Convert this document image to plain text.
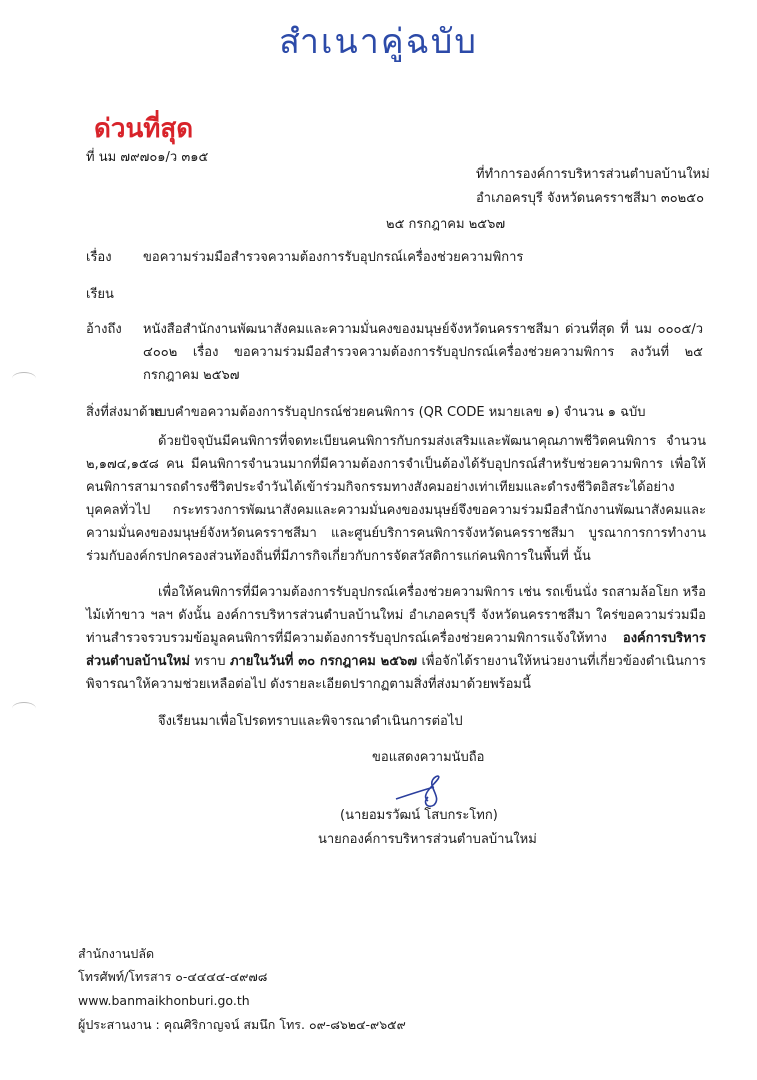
สำเนาคู่ฉบับ
ด่วนที่สุด
ที่ นม ๗๙๗๐๑/ว ๓๑๕
ที่ทำการองค์การบริหารส่วนตำบลบ้านใหม่
อำเภอครบุรี จังหวัดนครราชสีมา ๓๐๒๕๐
๒๕ กรกฎาคม ๒๕๖๗
เรื่อง ขอความร่วมมือสำรวจความต้องการรับอุปกรณ์เครื่องช่วยความพิการ
เรียน
อ้างถึง หนังสือสำนักงานพัฒนาสังคมและความมั่นคงของมนุษย์จังหวัดนครราชสีมา ด่วนที่สุด ที่ นม ๐๐๐๕/ว ๔๐๐๒ เรื่อง ขอความร่วมมือสำรวจความต้องการรับอุปกรณ์เครื่องช่วยความพิการ ลงวันที่ ๒๕ กรกฎาคม ๒๕๖๗
สิ่งที่ส่งมาด้วย
แบบคำขอความต้องการรับอุปกรณ์ช่วยคนพิการ (QR CODE หมายเลข ๑) จำนวน ๑ ฉบับ
ด้วยปัจจุบันมีคนพิการที่จดทะเบียนคนพิการกับกรมส่งเสริมและพัฒนาคุณภาพชีวิตคนพิการ จำนวน ๒,๑๗๔,๑๕๘ คน มีคนพิการจำนวนมากที่มีความต้องการจำเป็นต้องได้รับอุปกรณ์สำหรับช่วยความพิการ เพื่อให้คนพิการสามารถดำรงชีวิตประจำวันได้เข้าร่วมกิจกรรมทางสังคมอย่างเท่าเทียมและดำรงชีวิตอิสระได้อย่างบุคคลทั่วไป กระทรวงการพัฒนาสังคมและความมั่นคงของมนุษย์จึงขอความร่วมมือสำนักงานพัฒนาสังคมและความมั่นคงของมนุษย์จังหวัดนครราชสีมา และศูนย์บริการคนพิการจังหวัดนครราชสีมา บูรณาการการทำงานร่วมกับองค์กรปกครองส่วนท้องถิ่นที่มีภารกิจเกี่ยวกับการจัดสวัสดิการแก่คนพิการในพื้นที่ นั้น
เพื่อให้คนพิการที่มีความต้องการรับอุปกรณ์เครื่องช่วยความพิการ เช่น รถเข็นนั่ง รถสามล้อโยก หรือไม้เท้าขาว ฯลฯ ดังนั้น องค์การบริหารส่วนตำบลบ้านใหม่ อำเภอครบุรี จังหวัดนครราชสีมา ใคร่ขอความร่วมมือท่านสำรวจรวบรวมข้อมูลคนพิการที่มีความต้องการรับอุปกรณ์เครื่องช่วยความพิการแจ้งให้ทาง องค์การบริหารส่วนตำบลบ้านใหม่ ทราบ ภายในวันที่ ๓๐ กรกฎาคม ๒๕๖๗ เพื่อจักได้รายงานให้หน่วยงานที่เกี่ยวข้องดำเนินการพิจารณาให้ความช่วยเหลือต่อไป ดังรายละเอียดปรากฏตามสิ่งที่ส่งมาด้วยพร้อมนี้
จึงเรียนมาเพื่อโปรดทราบและพิจารณาดำเนินการต่อไป
ขอแสดงความนับถือ
(นายอมรวัฒน์ โสบกระโทก)
นายกองค์การบริหารส่วนตำบลบ้านใหม่
สำนักงานปลัด
โทรศัพท์/โทรสาร ๐-๔๔๔๔-๔๙๗๘
www.banmaikhonburi.go.th
ผู้ประสานงาน : คุณศิริกาญจน์ สมนึก โทร. ๐๙-๘๖๒๔-๙๖๕๙
